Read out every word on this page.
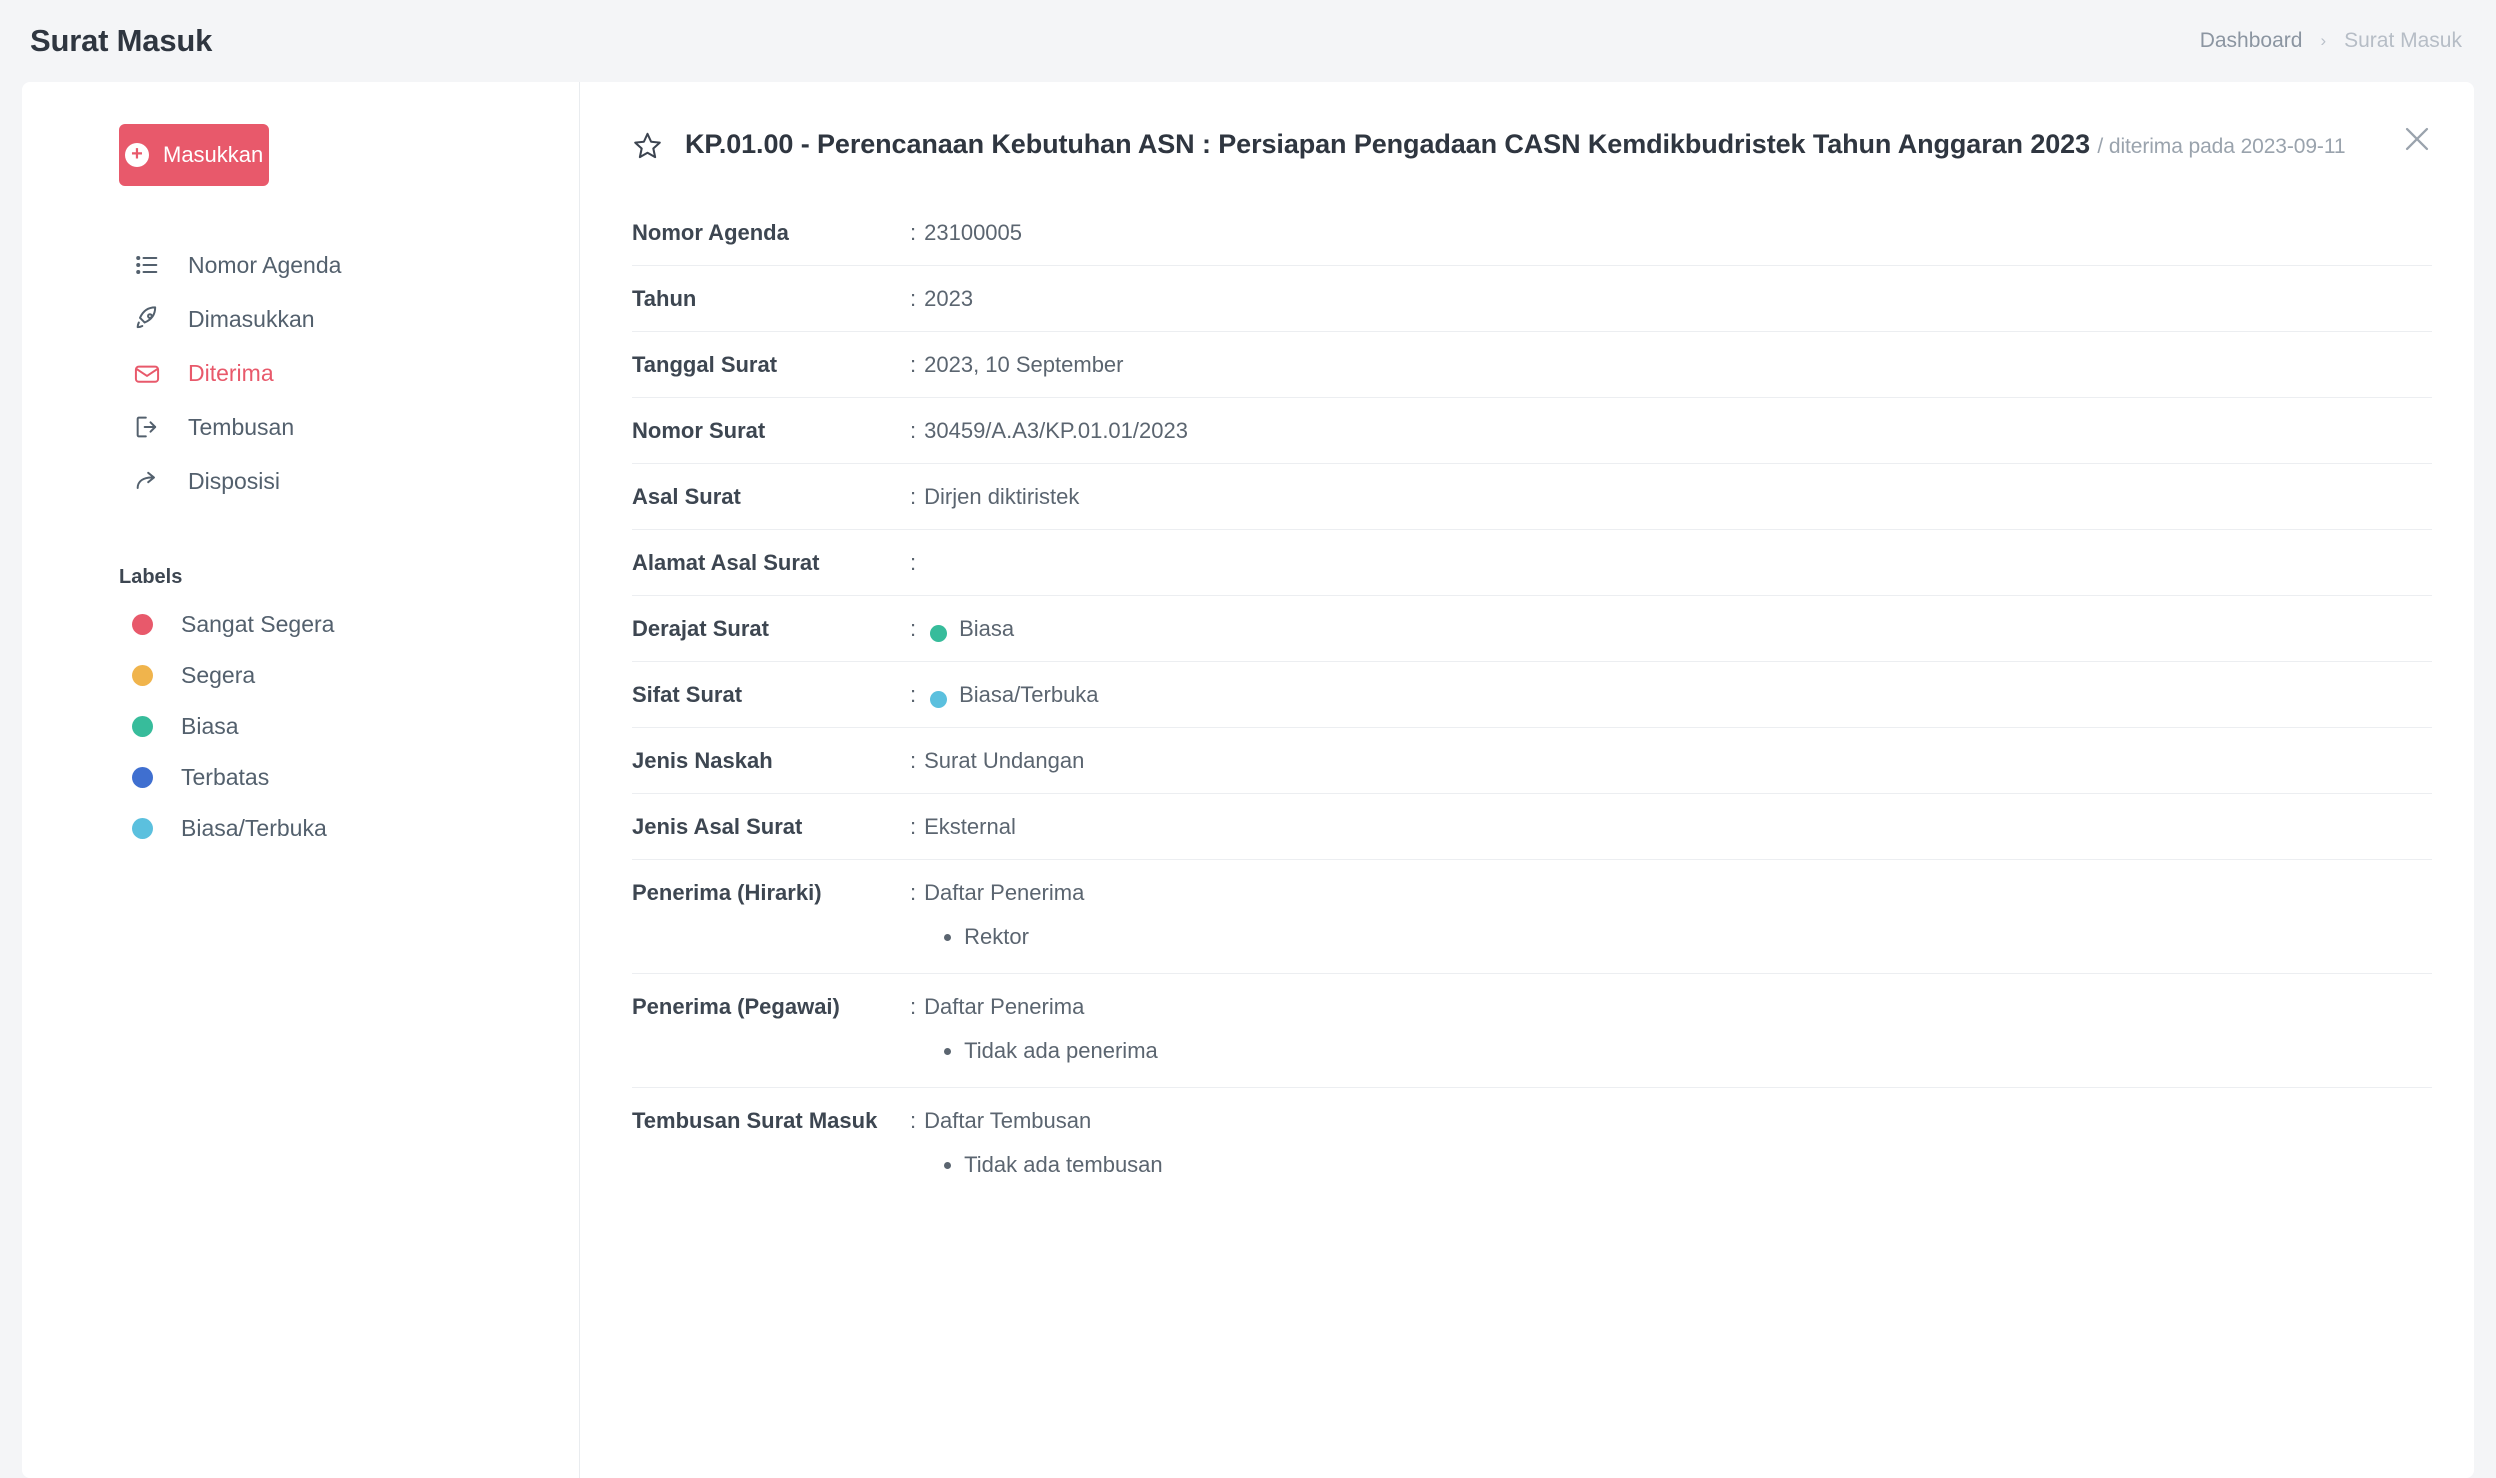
Surat Masuk	Dashboard › Surat Masuk
+ Masukkan
Nomor Agenda
Dimasukkan
Diterima
Tembusan
Disposisi
Labels
Sangat Segera
Segera
Biasa
Terbatas
Biasa/Terbuka
KP.01.00 - Perencanaan Kebutuhan ASN : Persiapan Pengadaan CASN Kemdikbudristek Tahun Anggaran 2023 / diterima pada 2023-09-11
Nomor Agenda	: 23100005
Tahun	: 2023
Tanggal Surat	: 2023, 10 September
Nomor Surat	: 30459/A.A3/KP.01.01/2023
Asal Surat	: Dirjen diktiristek
Alamat Asal Surat	:
Derajat Surat	: Biasa
Sifat Surat	: Biasa/Terbuka
Jenis Naskah	: Surat Undangan
Jenis Asal Surat	: Eksternal
Penerima (Hirarki)	: Daftar Penerima
• Rektor
Penerima (Pegawai)	: Daftar Penerima
• Tidak ada penerima
Tembusan Surat Masuk	: Daftar Tembusan
• Tidak ada tembusan
